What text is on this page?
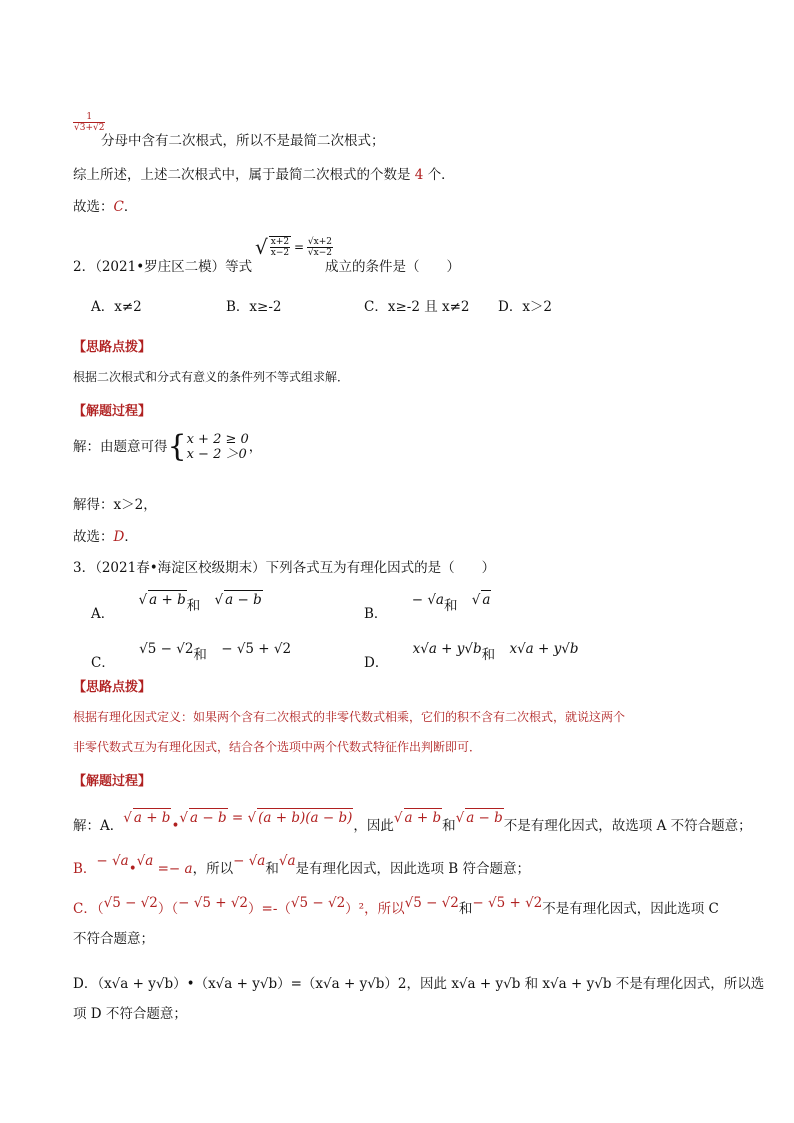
$\frac{1}{√3+√2}$
分母中含有二次根式，所以不是最简二次根式；
综上所述，上述二次根式中，属于最简二次根式的个数是 4 个．
故选：C．
2．（2021•罗庄区二模）等式
√ $\frac{x+2}{x-2} = \frac{√x+2}{√x-2}$
成立的条件是（　　）
A．x≠2	B．x≥-2	C．x≥-2 且 x≠2 D．x＞2
【思路点拨】
根据二次根式和分式有意义的条件列不等式组求解．
【解题过程】
解：由题意可得{ x + 2 ≥ 0
x − 2 ＞0 ，
解得：x＞2，
故选：D．
3．（2021春•海淀区校级期末）下列各式互为有理化因式的是（　　）
A． √ a + b和 √ a − b
B． − √a和 √ a
C． √5 − √2和 − √5 + √2
D． x√a + y√b和 x√a + y√b
【思路点拨】
根据有理化因式定义：如果两个含有二次根式的非零代数式相乘，它们的积不含有二次根式，就说这两个
非零代数式互为有理化因式，结合各个选项中两个代数式特征作出判断即可．
【解题过程】
解：A．√ a + b•√ a − b = √ (a + b)(a − b)，因此√ a + b和√ a − b不是有理化因式，故选项 A 不符合题意；
B．− √a•√a =− a，所以− √a和√a是有理化因式，因此选项 B 符合题意；
C．（√5 − √2）（− √5 + √2）=-（√5 − √2）²，所以√5 − √2和− √5 + √2不是有理化因式，因此选项 C
不符合题意；
D．（x√a + y√b）•（x√a + y√b）=（x√a + y√b）2，因此 x√a + y√b 和 x√a + y√b 不是有理化因式，所以选
项 D 不符合题意；
